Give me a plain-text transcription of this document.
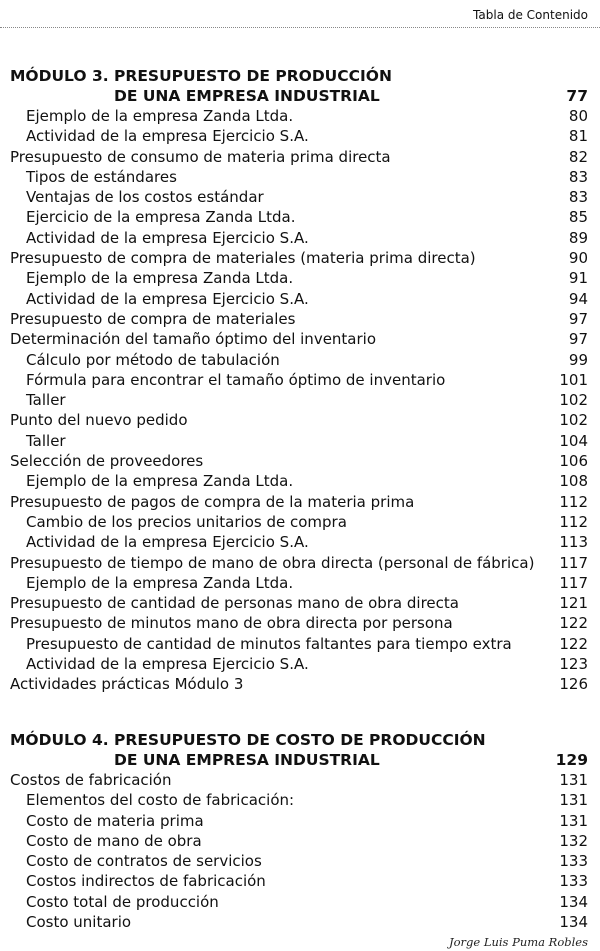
Tabla de Contenido
MÓDULO 3. PRESUPUESTO DE PRODUCCIÓN
DE UNA EMPRESA INDUSTRIAL	77
Ejemplo de la empresa Zanda Ltda.	80
Actividad de la empresa Ejercicio S.A.	81
Presupuesto de consumo de materia prima directa	82
Tipos de estándares	83
Ventajas de los costos estándar	83
Ejercicio de la empresa Zanda Ltda.	85
Actividad de la empresa Ejercicio S.A.	89
Presupuesto de compra de materiales (materia prima directa)	90
Ejemplo de la empresa Zanda Ltda.	91
Actividad de la empresa Ejercicio S.A.	94
Presupuesto de compra de materiales	97
Determinación del tamaño óptimo del inventario	97
Cálculo por método de tabulación	99
Fórmula para encontrar el tamaño óptimo de inventario	101
Taller	102
Punto del nuevo pedido	102
Taller	104
Selección de proveedores	106
Ejemplo de la empresa Zanda Ltda.	108
Presupuesto de pagos de compra de la materia prima	112
Cambio de los precios unitarios de compra	112
Actividad de la empresa Ejercicio S.A.	113
Presupuesto de tiempo de mano de obra directa (personal de fábrica) 117
Ejemplo de la empresa Zanda Ltda.	117
Presupuesto de cantidad de personas mano de obra directa	121
Presupuesto de minutos mano de obra directa por persona	122
Presupuesto de cantidad de minutos faltantes para tiempo extra	122
Actividad de la empresa Ejercicio S.A.	123
Actividades prácticas Módulo 3	126
MÓDULO 4. PRESUPUESTO DE COSTO DE PRODUCCIÓN
DE UNA EMPRESA INDUSTRIAL	129
Costos de fabricación	131
Elementos del costo de fabricación:	131
Costo de materia prima	131
Costo de mano de obra	132
Costo de contratos de servicios	133
Costos indirectos de fabricación	133
Costo total de producción	134
Costo unitario	134
Jorge Luis Puma Robles
